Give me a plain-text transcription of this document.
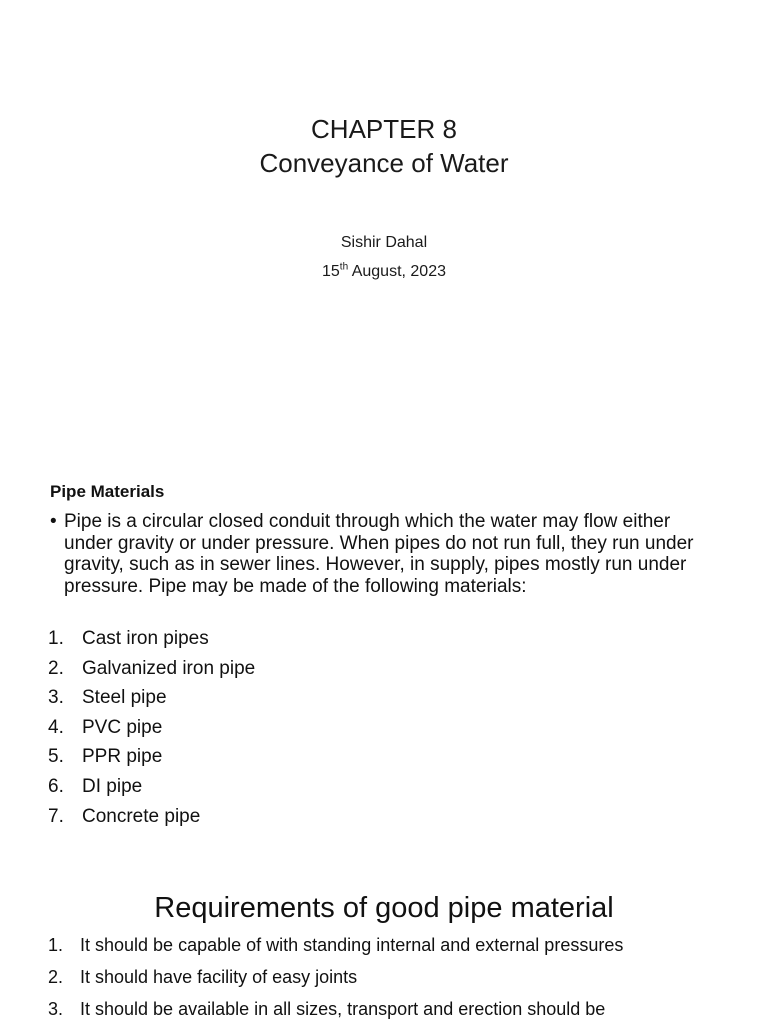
CHAPTER 8
Conveyance of Water
Sishir Dahal
15th August, 2023
Pipe Materials
• Pipe is a circular closed conduit through which the water may flow either under gravity or under pressure. When pipes do not run full, they run under gravity, such as in sewer lines. However, in supply, pipes mostly run under pressure. Pipe may be made of the following materials:
1. Cast iron pipes
2. Galvanized iron pipe
3. Steel pipe
4. PVC pipe
5. PPR pipe
6. DI pipe
7. Concrete pipe
Requirements of good pipe material
1. It should be capable of with standing internal and external pressures
2. It should have facility of easy joints
3. It should be available in all sizes, transport and erection should be
